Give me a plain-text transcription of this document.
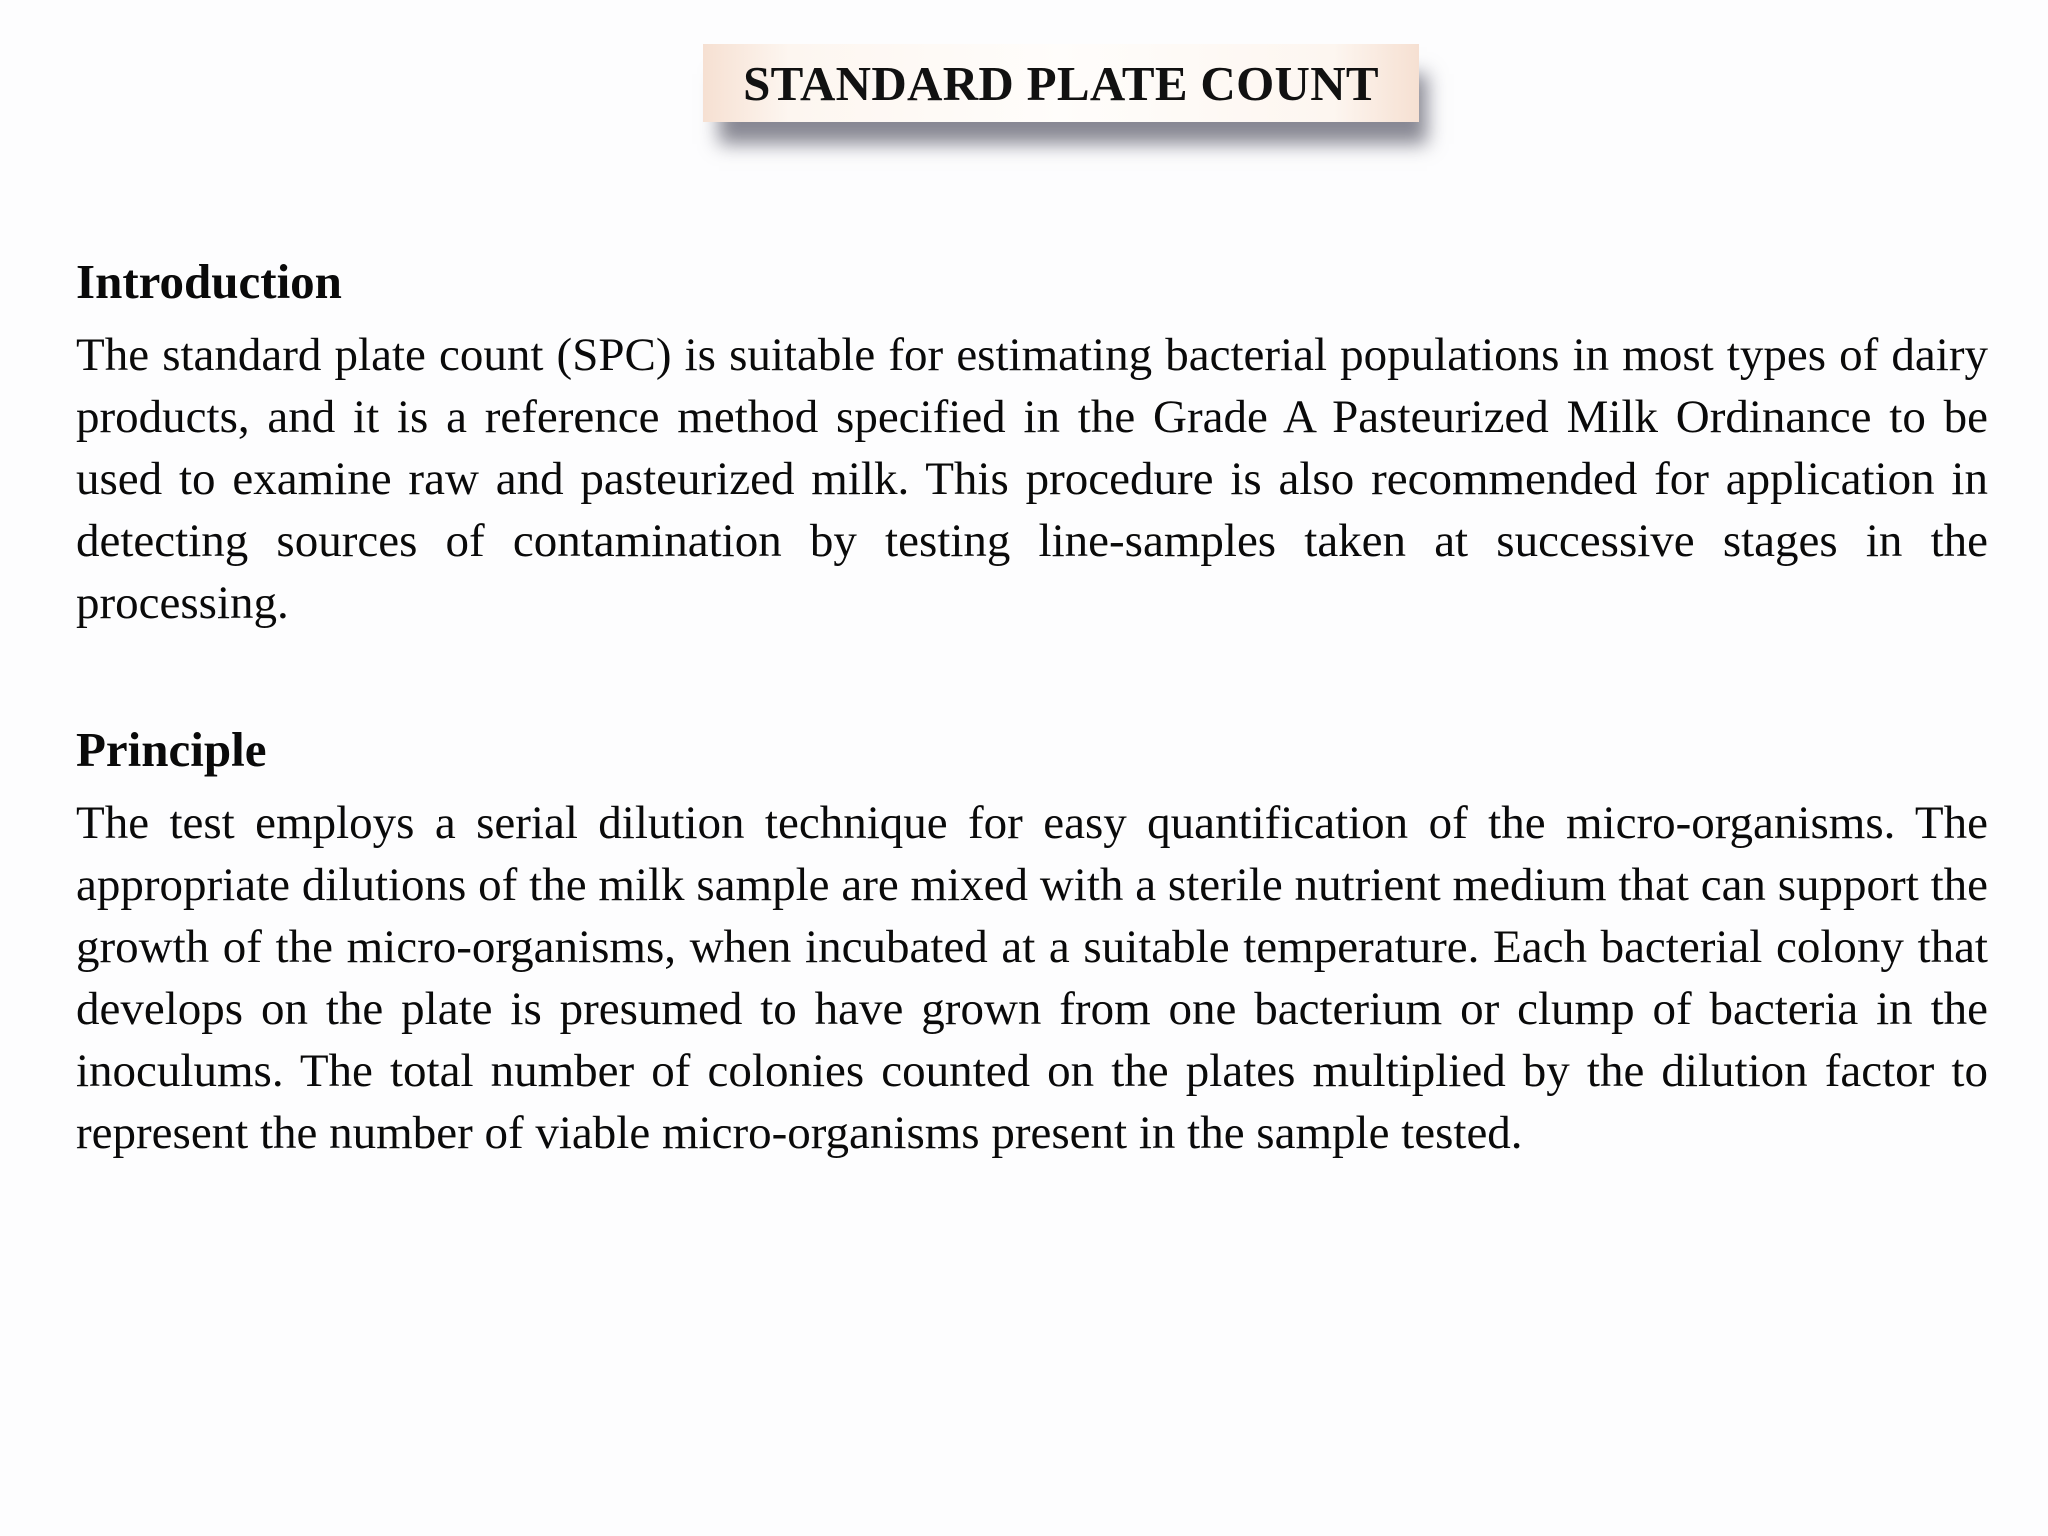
STANDARD PLATE COUNT
Introduction

The standard plate count (SPC) is suitable for estimating bacterial populations in most types of dairy products, and it is a reference method specified in the Grade A Pasteurized Milk Ordinance to be used to examine raw and pasteurized milk. This procedure is also recommended for application in detecting sources of contamination by testing line-samples taken at successive stages in the processing.

Principle

The test employs a serial dilution technique for easy quantification of the micro-organisms. The appropriate dilutions of the milk sample are mixed with a sterile nutrient medium that can support the growth of the micro-organisms, when incubated at a suitable temperature. Each bacterial colony that develops on the plate is presumed to have grown from one bacterium or clump of bacteria in the inoculums. The total number of colonies counted on the plates multiplied by the dilution factor to represent the number of viable micro-organisms present in the sample tested.
